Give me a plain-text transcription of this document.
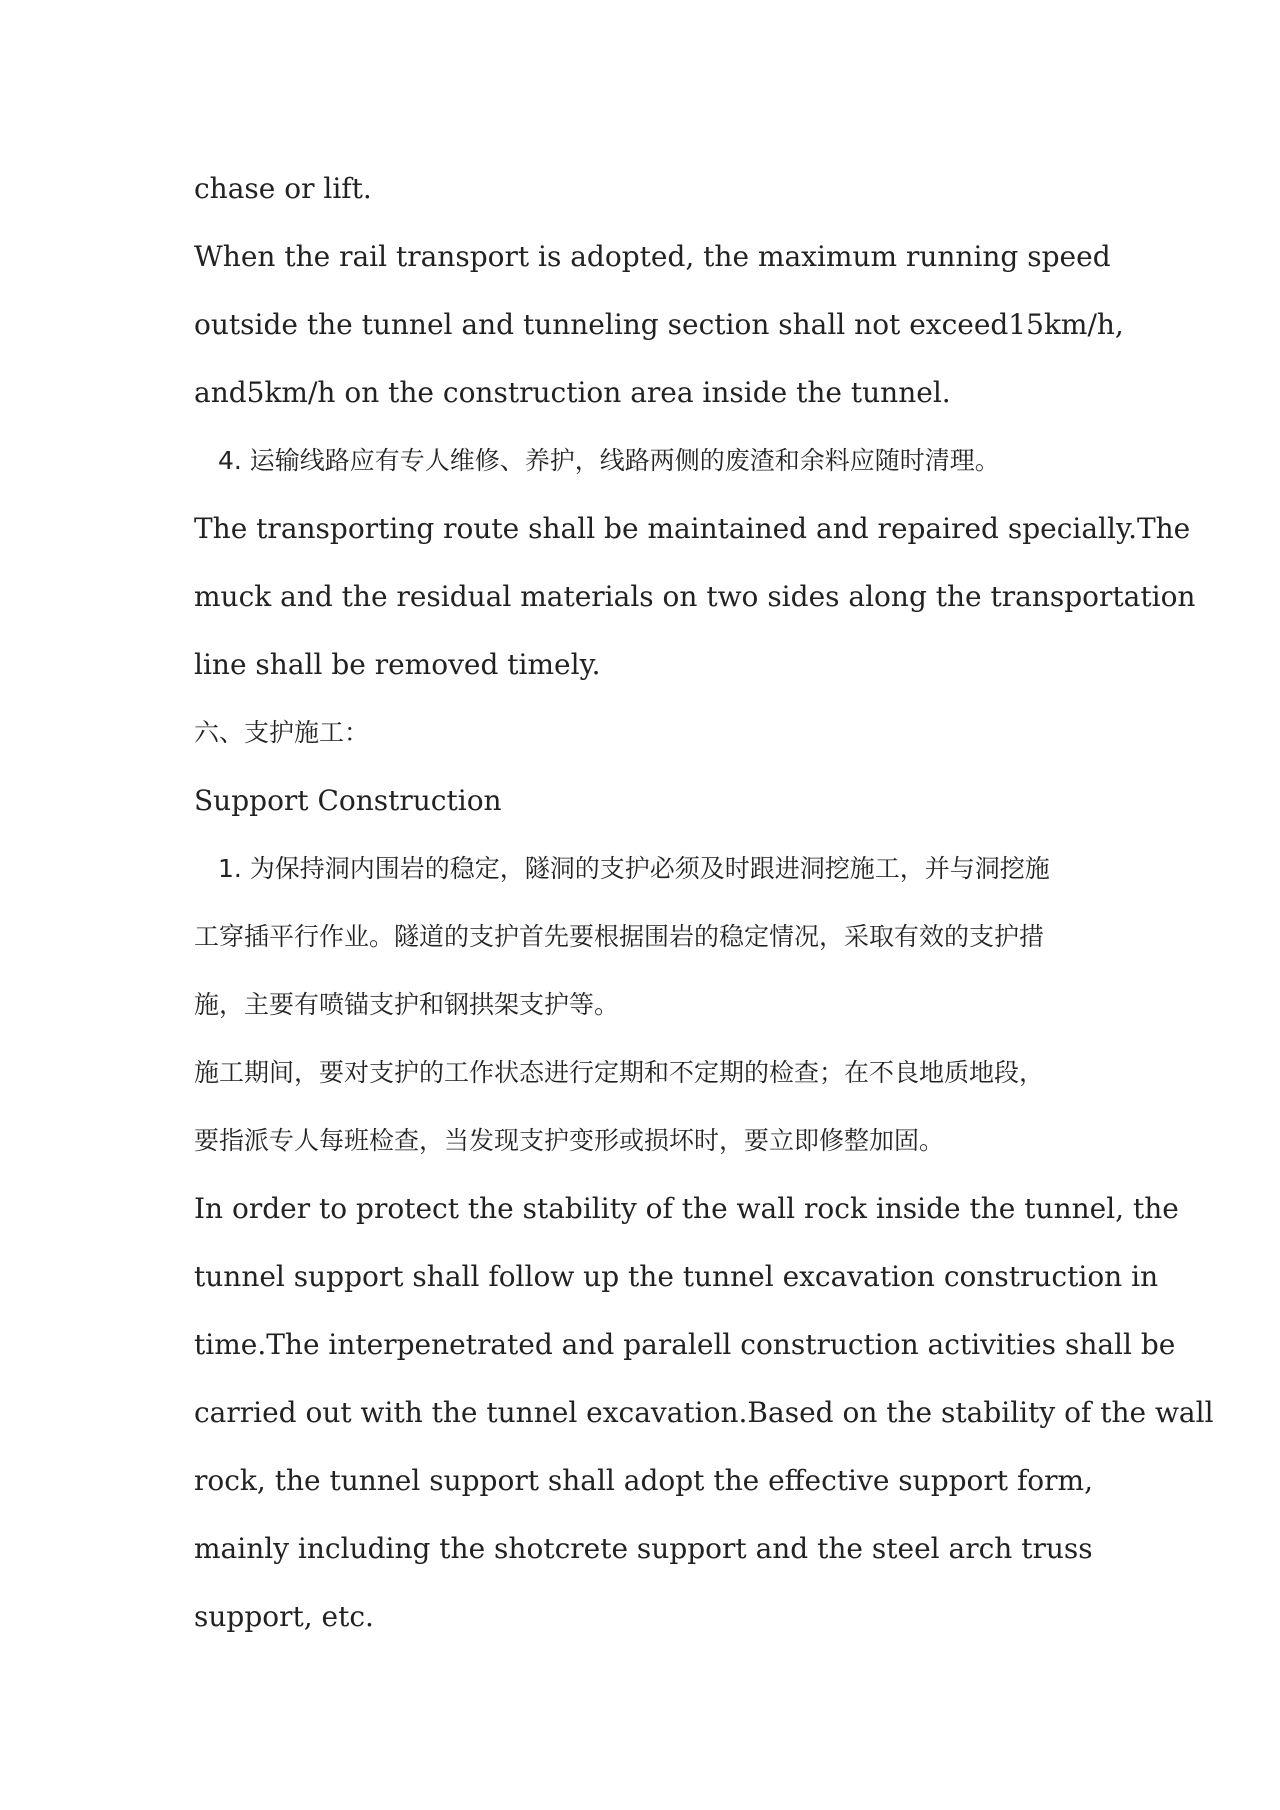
chase or lift.

When the rail transport is adopted, the maximum running speed

outside the tunnel and tunneling section shall not exceed15km/h,

and5km/h on the construction area inside the tunnel.

4. 运输线路应有专人维修、养护，线路两侧的废渣和余料应随时清理。

The transporting route shall be maintained and repaired specially.The

muck and the residual materials on two sides along the transportation

line shall be removed timely.

六、支护施工：

Support Construction

1. 为保持洞内围岩的稳定，隧洞的支护必须及时跟进洞挖施工，并与洞挖施

工穿插平行作业。隧道的支护首先要根据围岩的稳定情况，采取有效的支护措

施，主要有喷锚支护和钢拱架支护等。

施工期间，要对支护的工作状态进行定期和不定期的检查；在不良地质地段，

要指派专人每班检查，当发现支护变形或损坏时，要立即修整加固。

In order to protect the stability of the wall rock inside the tunnel, the

tunnel support shall follow up the tunnel excavation construction in

time.The interpenetrated and paralell construction activities shall be

carried out with the tunnel excavation.Based on the stability of the wall

rock, the tunnel support shall adopt the effective support form,

mainly including the shotcrete support and the steel arch truss

support, etc.
